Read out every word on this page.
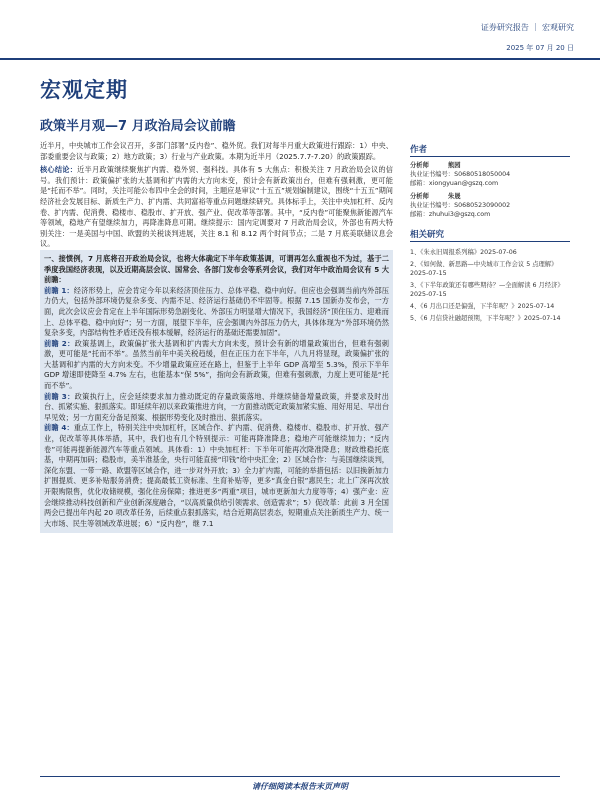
证券研究报告 ｜ 宏观研究
2025 年 07 月 20 日
宏观定期
政策半月观—7 月政治局会议前瞻

近半月，中央城市工作会议召开，多部门部署“反内卷”、稳外贸。我们对每半月重大政策进行跟踪：1）中央、部委重要会议与政策；2）地方政策；3）行业与产业政策。本期为近半月（2025.7.7-7.20）的政策跟踪。

核心结论：近半月政策继续聚焦扩内需、稳外贸、强科技。具体有 5 大焦点：积极关注 7 月政治局会议的信号。我们预计：政策偏扩张的大基调和扩内需的大方向未变，预计会有新政策出台，但难有强刺激，更可能是“托而不举”。同时，关注可能公布四中全会的时间，主题应是审议“十五五”规划编制建议，围绕“十五五”期间经济社会发展目标、新质生产力、扩内需、共同富裕等重点问题继续研究。具体标手上，关注中央加杠杆、反内卷、扩内需、促消费、稳楼市、稳股市、扩开放、强产业、促改革等部署。其中，“反内卷”可能聚焦新能源汽车等领域，稳地产有望继续加力，再降准降息可期。继续提示：国内定调要对 7 月政治局会议，外部也有两大特别关注：一是美国与中国、欧盟的关税谈判进展，关注 8.1 和 8.12 两个时间节点；二是 7 月底美联储议息会议。

一、接惯例，7 月底将召开政治局会议，也将大体确定下半年政策基调，可谓再怎么重视也不为过，基于二季度我国经济表现，以及近期高层会议、国常会、各部门发布会等系列会议，我们对年中政治局会议有 5 大前瞻：

前瞻 1：经济形势上，应会肯定今年以来经济顶住压力、总体平稳、稳中向好。但应也会强调当前内外部压力仍大，包括外部环境仍复杂多变、内需不足、经济运行基础仍不牢固等。根据 7.15 国新办发布会，一方面，此次会议应会肯定在上半年国际形势急剧变化、外部压力明显增大情况下，我国经济“顶住压力、迎难而上、总体平稳、稳中向好”；另一方面，展望下半年，应会强调内外部压力仍大，具体体现为“外部环境仍然复杂多变，内部结构性矛盾还没有根本缓解，经济运行的基础还需要加固”。

前瞻 2：政策基调上，政策偏扩张大基调和扩内需大方向未变，预计会有新的增量政策出台，但难有强刺激，更可能是“托而不举”。虽然当前年中美关税趋缓，但在正压力在下半年，八九月将显现，政策偏扩张的大基调和扩内需的大方向未变。不少增量政策应还在路上，但鉴于上半年 GDP 高增至 5.3%，预示下半年 GDP 增速即使降至 4.7% 左右，也能基本“保 5%”，指向会有新政策，但难有强刺激，力度上更可能是“托而不举”。

前瞻 3：政策执行上，应会延续要求加力推动既定的存量政策落地、并继续储备增量政策，并要求及时出台、抓紧实施、狠抓落实。即延续年初以来政策推进方向，一方面推动既定政策加紧实施、用好用足、早出台早见效；另一方面充分备足预案、根据形势变化及时推出、狠抓落实。

前瞻 4：重点工作上，特别关注中央加杠杆，区域合作、扩内需、促消费、稳楼市、稳股市、扩开放、强产业，促改革等具体举措，其中，我们也有几个特别提示：可能再降准降息；稳地产可能继续加力；“反内卷”可能再提新能源汽车等重点领域。具体看：1）中央加杠杆：下半年可能再次降准降息；财政维稳托底基，中期再加码；稳股市，美半准基金，央行可能直接“印钱”给中央汇金；2）区域合作：与美国继续谈判，深化东盟、一带一路、欧盟等区域合作，进一步对外开放；3）全力扩内需，可能的举措包括：以旧换新加力扩围提质、更多补贴服务消费；提高最低工资标准、生育补贴等，更多“真金白银”惠民生；北上广深再次放开限购限售，优化收储规模，强化住房保障；推进更多“两重”项目，城市更新加大力度等等；4）强产业：应会继续推动科技创新和产业创新深度融合，“以高质量供给引领需求、创造需求”；5）促改革：此前 3 月全国两会已提出年内起 20 项改革任务，后续重点狠抓落实，结合近期高层表态，短期重点关注新质生产力、统一大市场、民生等领域改革进展；6）“反内卷”，继 7.1

作者
分析师	熊园
执业证书编号：S0680518050004
邮箱：xiongyuan@gszq.com
分析师	朱晟
执业证书编号：S0680523090002
邮箱：zhuhui3@gszq.com
相关研究
1、《朱永旧周报系列稿》2025-07-06
2、《如何做、新思路—中央城市工作会议 5 点理解》2025-07-15
3、《下半年政策还有哪些期待？—全面解读 6 月经济》2025-07-15
4、《6 月出口还是偏强，下半年呢？》2025-07-14
5、《6 月信贷社融超预期，下半年呢？》2025-07-14
请仔细阅读本报告末页声明
